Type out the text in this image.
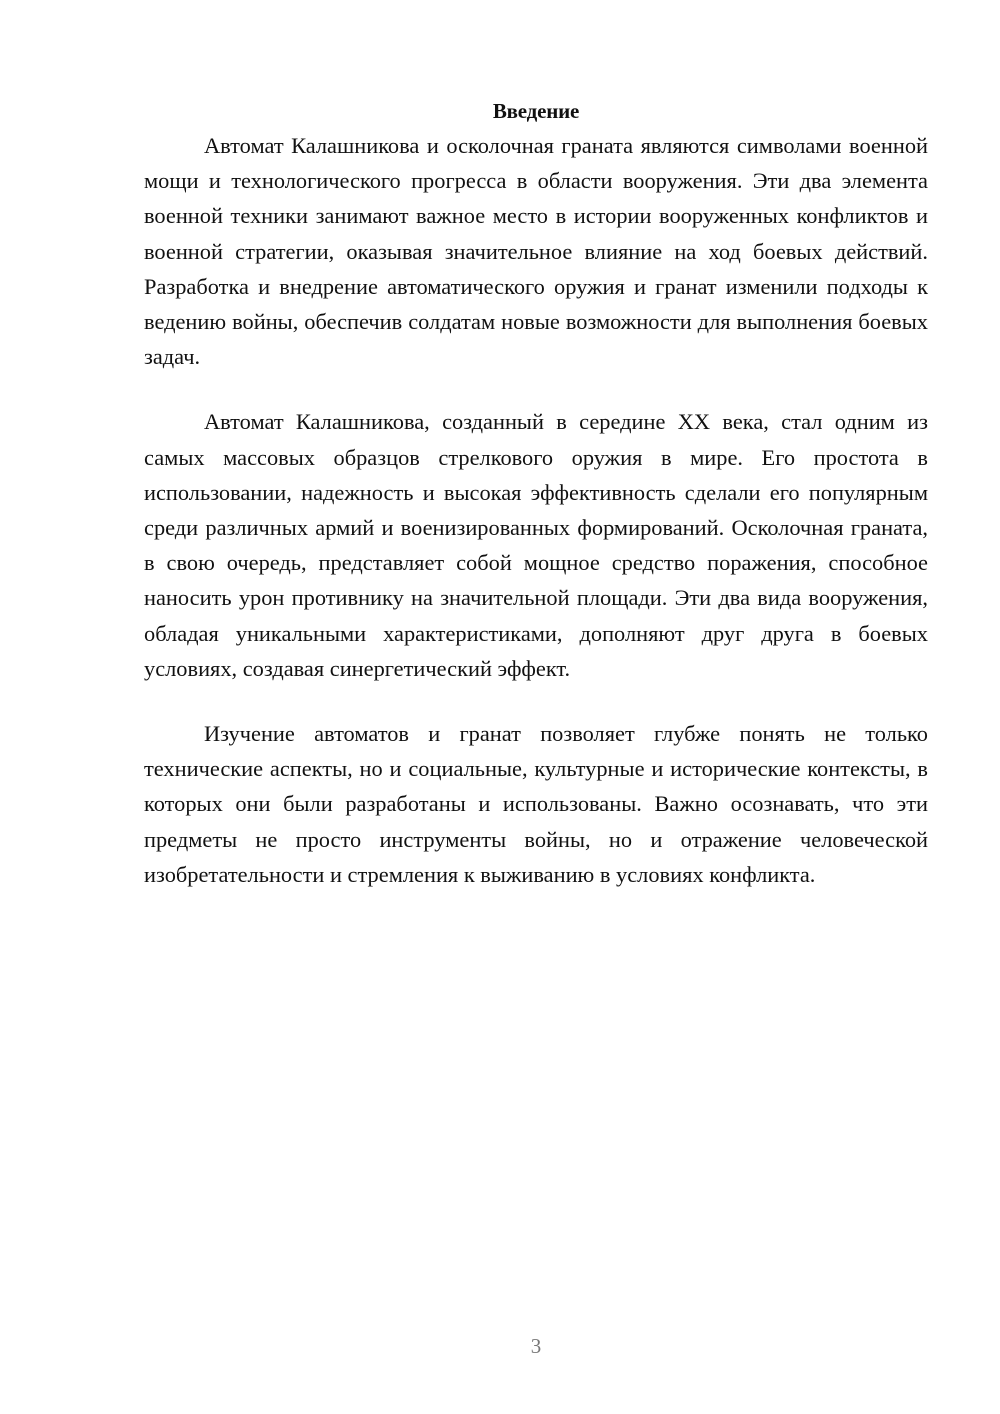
Введение

Автомат Калашникова и осколочная граната являются символами военной мощи и технологического прогресса в области вооружения. Эти два элемента военной техники занимают важное место в истории вооруженных конфликтов и военной стратегии, оказывая значительное влияние на ход боевых действий. Разработка и внедрение автоматического оружия и гранат изменили подходы к ведению войны, обеспечив солдатам новые возможности для выполнения боевых задач.

Автомат Калашникова, созданный в середине XX века, стал одним из самых массовых образцов стрелкового оружия в мире. Его простота в использовании, надежность и высокая эффективность сделали его популярным среди различных армий и военизированных формирований. Осколочная граната, в свою очередь, представляет собой мощное средство поражения, способное наносить урон противнику на значительной площади. Эти два вида вооружения, обладая уникальными характеристиками, дополняют друг друга в боевых условиях, создавая синергетический эффект.

Изучение автоматов и гранат позволяет глубже понять не только технические аспекты, но и социальные, культурные и исторические контексты, в которых они были разработаны и использованы. Важно осознавать, что эти предметы не просто инструменты войны, но и отражение человеческой изобретательности и стремления к выживанию в условиях конфликта.

3
